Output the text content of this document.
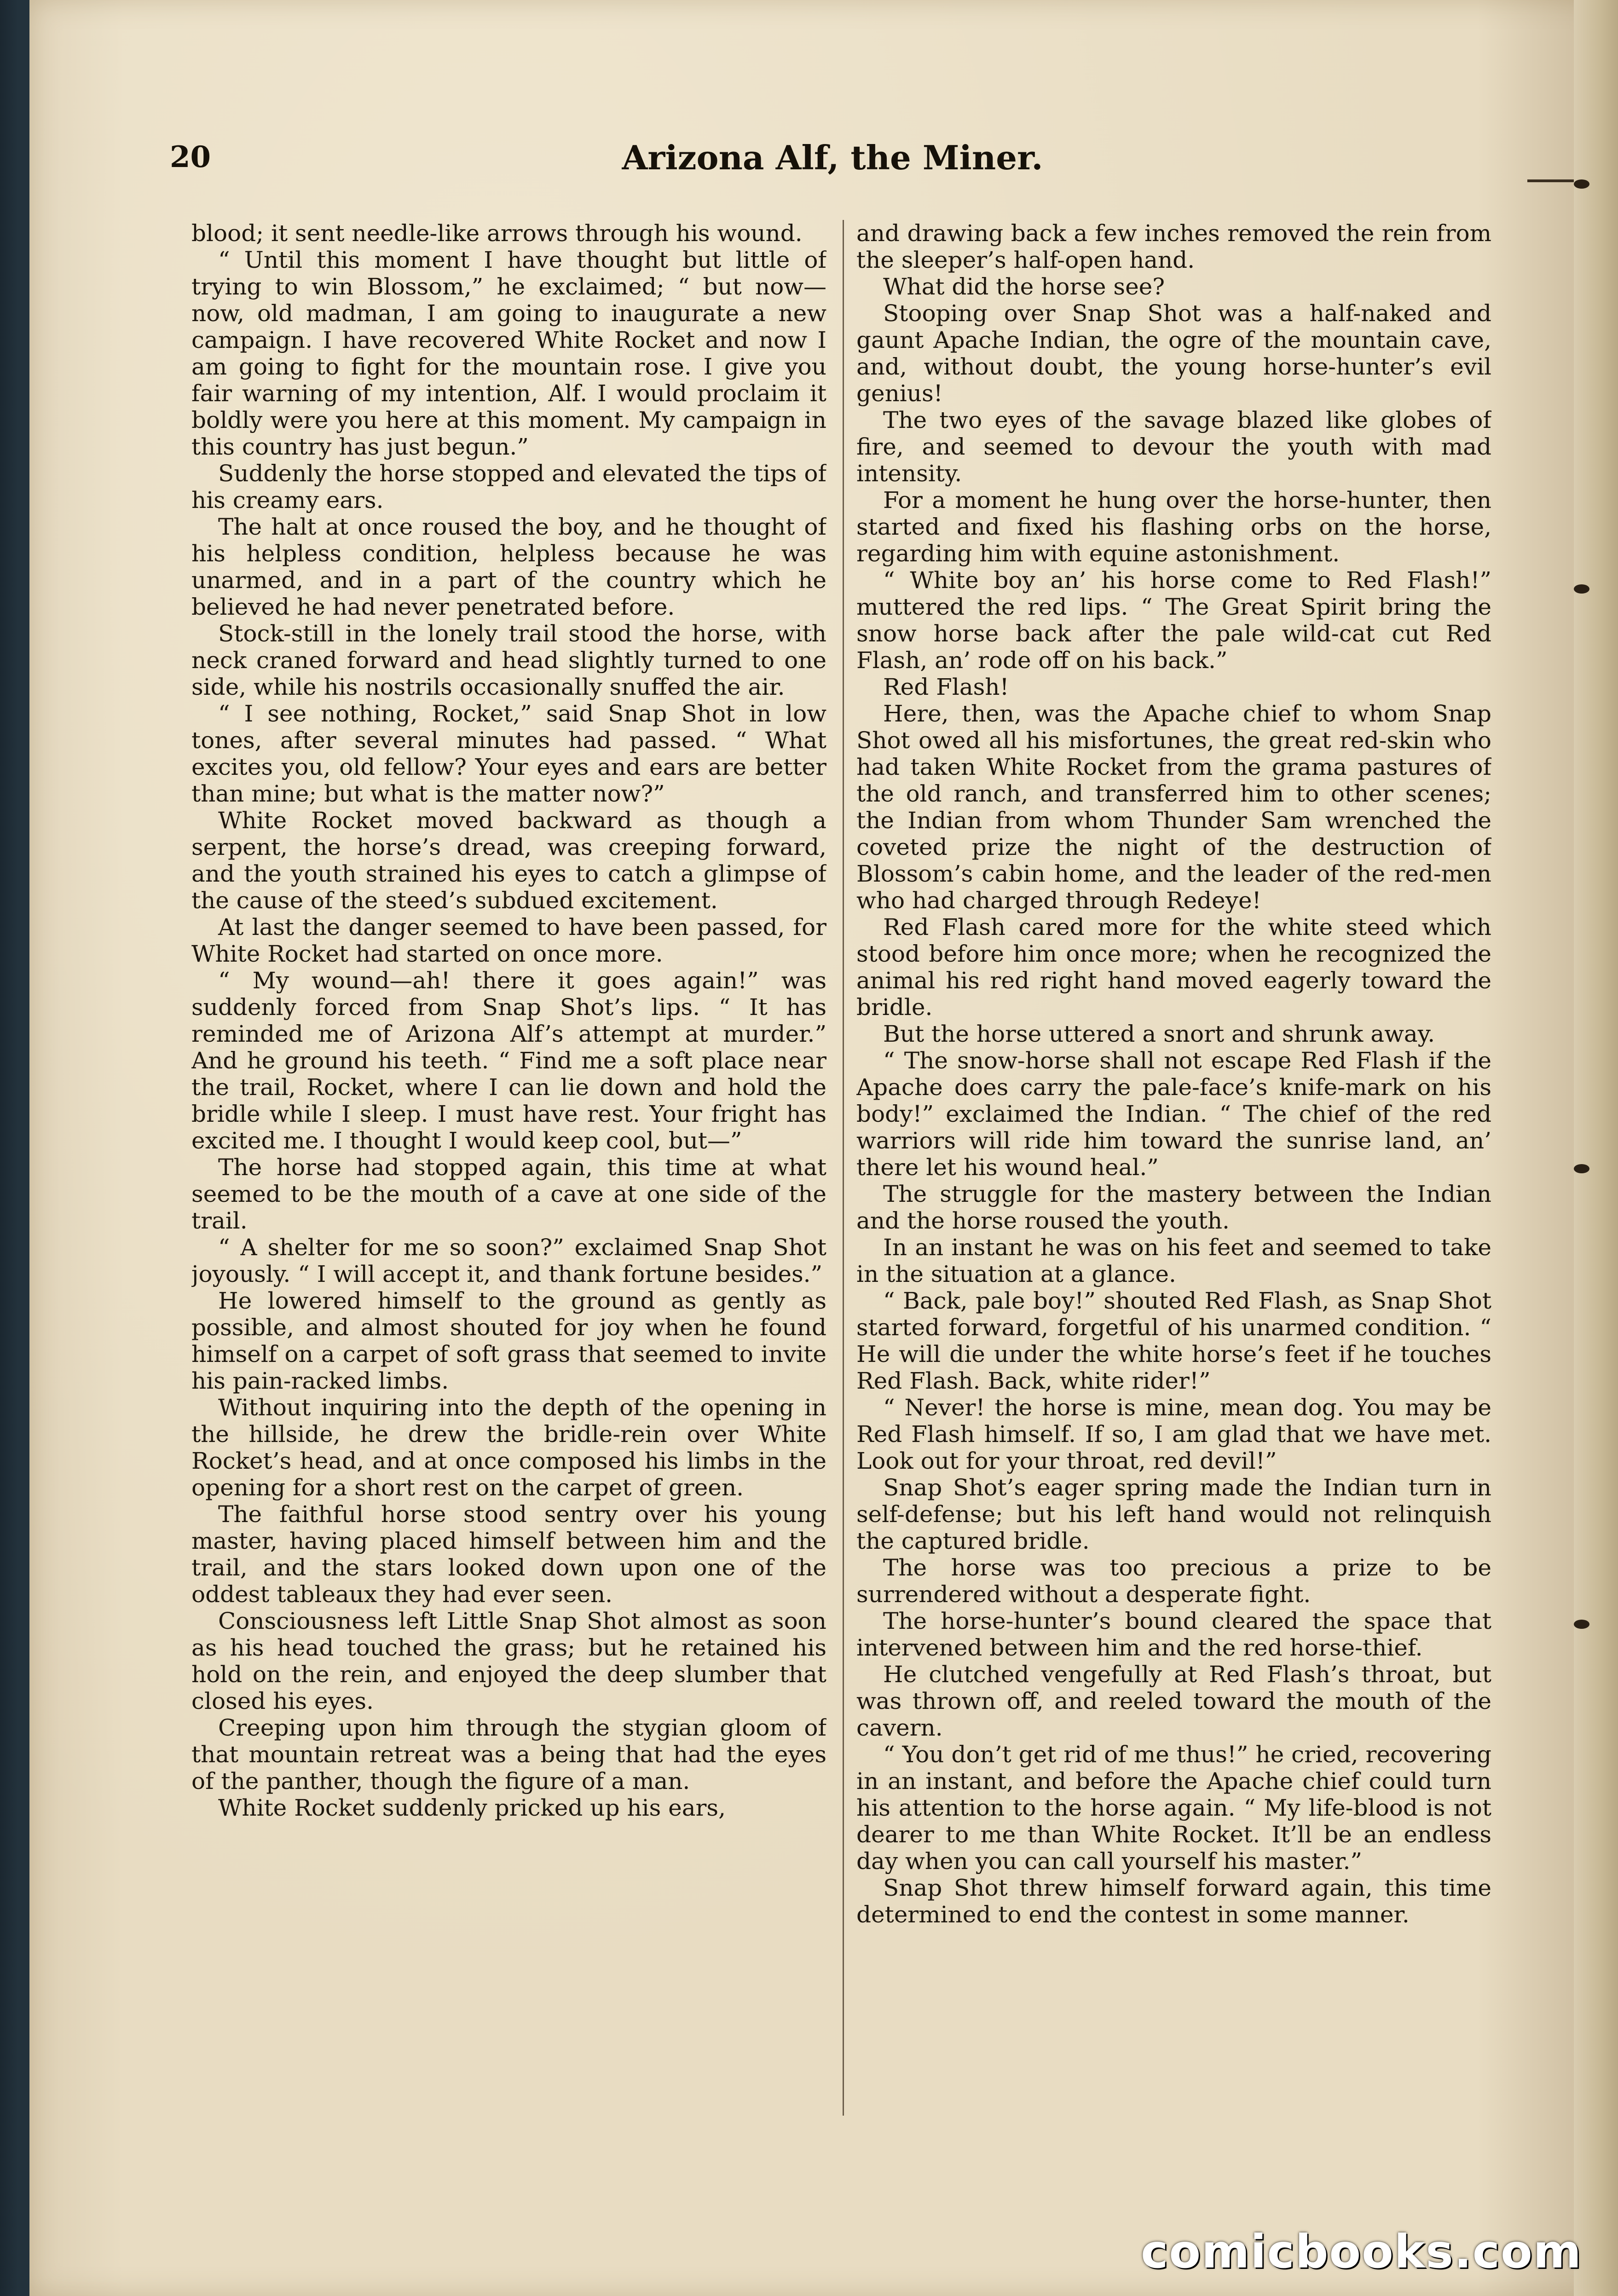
20	Arizona Alf, the Miner.

blood; it sent needle-like arrows through his wound.

“ Until this moment I have thought but little of trying to win Blossom,” he exclaimed; “ but now—now, old madman, I am going to inaugurate a new campaign. I have recovered White Rocket and now I am going to fight for the mountain rose. I give you fair warning of my intention, Alf. I would proclaim it boldly were you here at this moment. My campaign in this country has just begun.”

Suddenly the horse stopped and elevated the tips of his creamy ears.

The halt at once roused the boy, and he thought of his helpless condition, helpless because he was unarmed, and in a part of the country which he believed he had never penetrated before.

Stock-still in the lonely trail stood the horse, with neck craned forward and head slightly turned to one side, while his nostrils occasionally snuffed the air.

“ I see nothing, Rocket,” said Snap Shot in low tones, after several minutes had passed. “ What excites you, old fellow? Your eyes and ears are better than mine; but what is the matter now?”

White Rocket moved backward as though a serpent, the horse’s dread, was creeping forward, and the youth strained his eyes to catch a glimpse of the cause of the steed’s subdued excitement.

At last the danger seemed to have been passed, for White Rocket had started on once more.

“ My wound—ah! there it goes again!” was suddenly forced from Snap Shot’s lips. “ It has reminded me of Arizona Alf’s attempt at murder.” And he ground his teeth. “ Find me a soft place near the trail, Rocket, where I can lie down and hold the bridle while I sleep. I must have rest. Your fright has excited me. I thought I would keep cool, but—”

The horse had stopped again, this time at what seemed to be the mouth of a cave at one side of the trail.

“ A shelter for me so soon?” exclaimed Snap Shot joyously. “ I will accept it, and thank fortune besides.”

He lowered himself to the ground as gently as possible, and almost shouted for joy when he found himself on a carpet of soft grass that seemed to invite his pain-racked limbs.

Without inquiring into the depth of the opening in the hillside, he drew the bridle-rein over White Rocket’s head, and at once composed his limbs in the opening for a short rest on the carpet of green.

The faithful horse stood sentry over his young master, having placed himself between him and the trail, and the stars looked down upon one of the oddest tableaux they had ever seen.

Consciousness left Little Snap Shot almost as soon as his head touched the grass; but he retained his hold on the rein, and enjoyed the deep slumber that closed his eyes.

Creeping upon him through the stygian gloom of that mountain retreat was a being that had the eyes of the panther, though the figure of a man.

White Rocket suddenly pricked up his ears,

and drawing back a few inches removed the rein from the sleeper’s half-open hand.

What did the horse see?

Stooping over Snap Shot was a half-naked and gaunt Apache Indian, the ogre of the mountain cave, and, without doubt, the young horse-hunter’s evil genius!

The two eyes of the savage blazed like globes of fire, and seemed to devour the youth with mad intensity.

For a moment he hung over the horse-hunter, then started and fixed his flashing orbs on the horse, regarding him with equine astonishment.

“ White boy an’ his horse come to Red Flash!” muttered the red lips. “ The Great Spirit bring the snow horse back after the pale wild-cat cut Red Flash, an’ rode off on his back.”

Red Flash!

Here, then, was the Apache chief to whom Snap Shot owed all his misfortunes, the great red-skin who had taken White Rocket from the grama pastures of the old ranch, and transferred him to other scenes; the Indian from whom Thunder Sam wrenched the coveted prize the night of the destruction of Blossom’s cabin home, and the leader of the red-men who had charged through Redeye!

Red Flash cared more for the white steed which stood before him once more; when he recognized the animal his red right hand moved eagerly toward the bridle.

But the horse uttered a snort and shrunk away.

“ The snow-horse shall not escape Red Flash if the Apache does carry the pale-face’s knife-mark on his body!” exclaimed the Indian. “ The chief of the red warriors will ride him toward the sunrise land, an’ there let his wound heal.”

The struggle for the mastery between the Indian and the horse roused the youth.

In an instant he was on his feet and seemed to take in the situation at a glance.

“ Back, pale boy!” shouted Red Flash, as Snap Shot started forward, forgetful of his unarmed condition. “ He will die under the white horse’s feet if he touches Red Flash. Back, white rider!”

“ Never! the horse is mine, mean dog. You may be Red Flash himself. If so, I am glad that we have met. Look out for your throat, red devil!”

Snap Shot’s eager spring made the Indian turn in self-defense; but his left hand would not relinquish the captured bridle.

The horse was too precious a prize to be surrendered without a desperate fight.

The horse-hunter’s bound cleared the space that intervened between him and the red horse-thief.

He clutched vengefully at Red Flash’s throat, but was thrown off, and reeled toward the mouth of the cavern.

“ You don’t get rid of me thus!” he cried, recovering in an instant, and before the Apache chief could turn his attention to the horse again. “ My life-blood is not dearer to me than White Rocket. It’ll be an endless day when you can call yourself his master.”

Snap Shot threw himself forward again, this time determined to end the contest in some manner.

comicbooks.com
